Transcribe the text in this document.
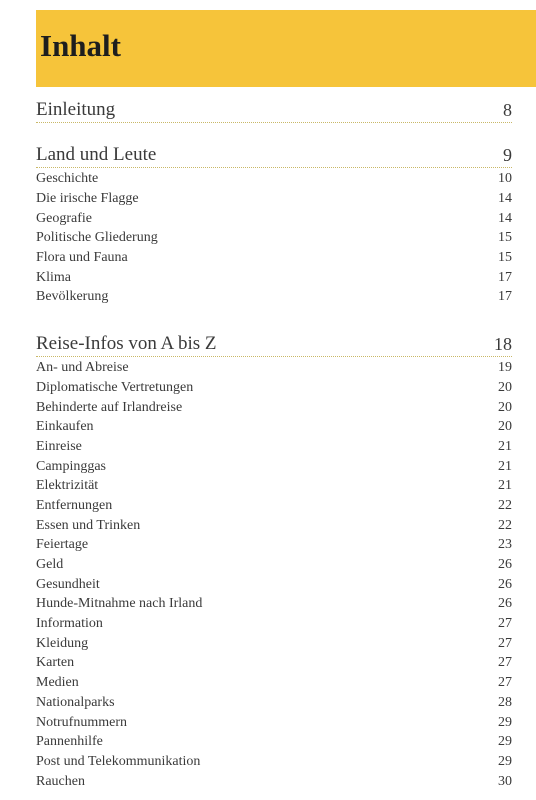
Inhalt
Einleitung	8
Land und Leute	9
Geschichte	10
Die irische Flagge	14
Geografie	14
Politische Gliederung	15
Flora und Fauna	15
Klima	17
Bevölkerung	17
Reise-Infos von A bis Z	18
An- und Abreise	19
Diplomatische Vertretungen	20
Behinderte auf Irlandreise	20
Einkaufen	20
Einreise	21
Campinggas	21
Elektrizität	21
Entfernungen	22
Essen und Trinken	22
Feiertage	23
Geld	26
Gesundheit	26
Hunde-Mitnahme nach Irland	26
Information	27
Kleidung	27
Karten	27
Medien	27
Nationalparks	28
Notrufnummern	29
Pannenhilfe	29
Post und Telekommunikation	29
Rauchen	30
